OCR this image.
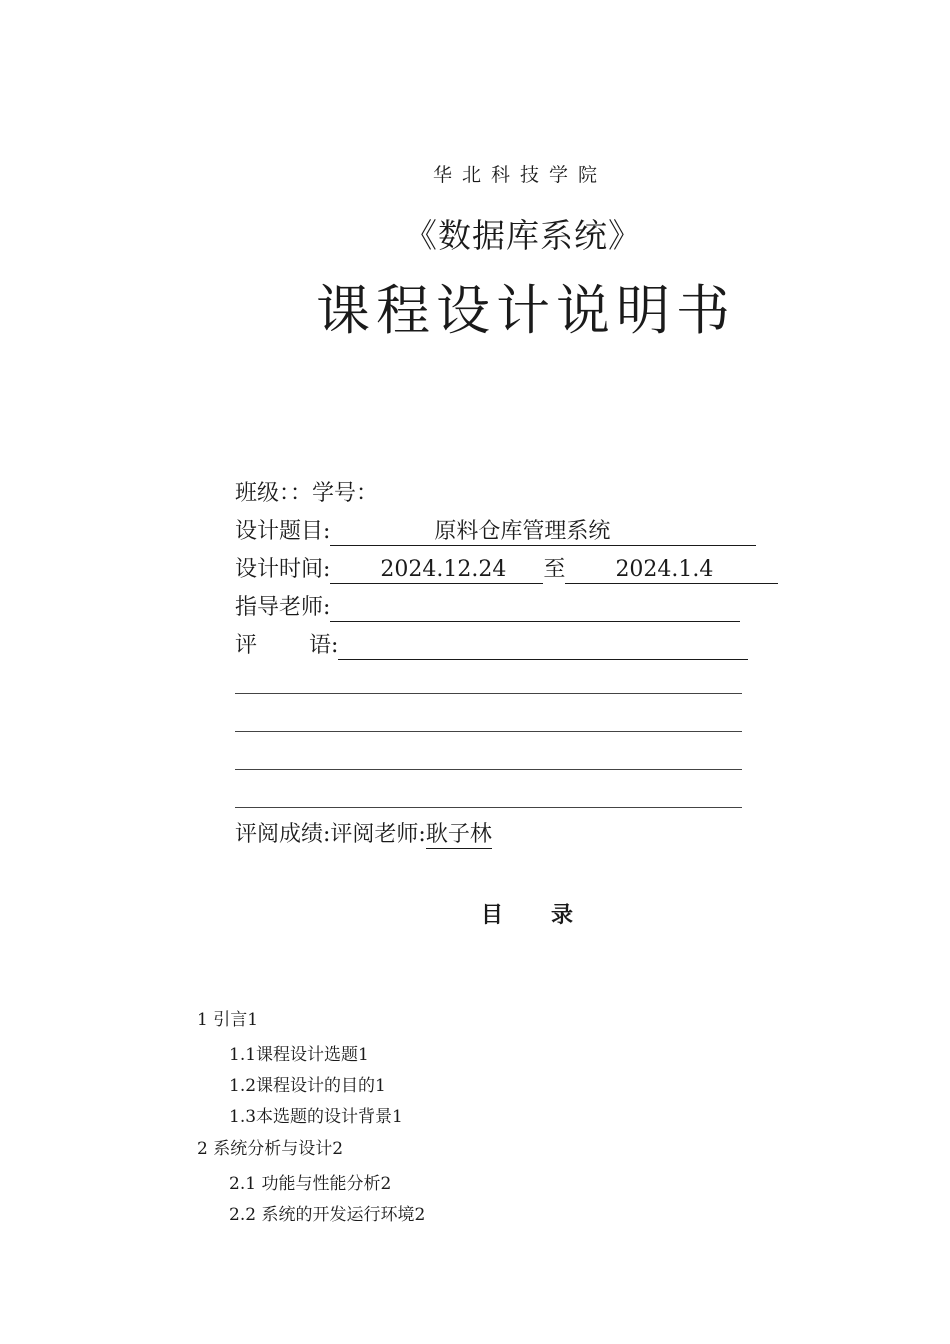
华北科技学院
《数据库系统》
课程设计说明书
班级：：学号：
设计题目:	原料仓库管理系统
设计时间: 2024.12.24 至 2024.1.4
指导老师:
评 语:
评阅成绩:评阅老师:耿子林
目 录
1 引言1
1.1课程设计选题1
1.2课程设计的目的1
1.3本选题的设计背景1
2 系统分析与设计2
2.1 功能与性能分析2
2.2 系统的开发运行环境2
